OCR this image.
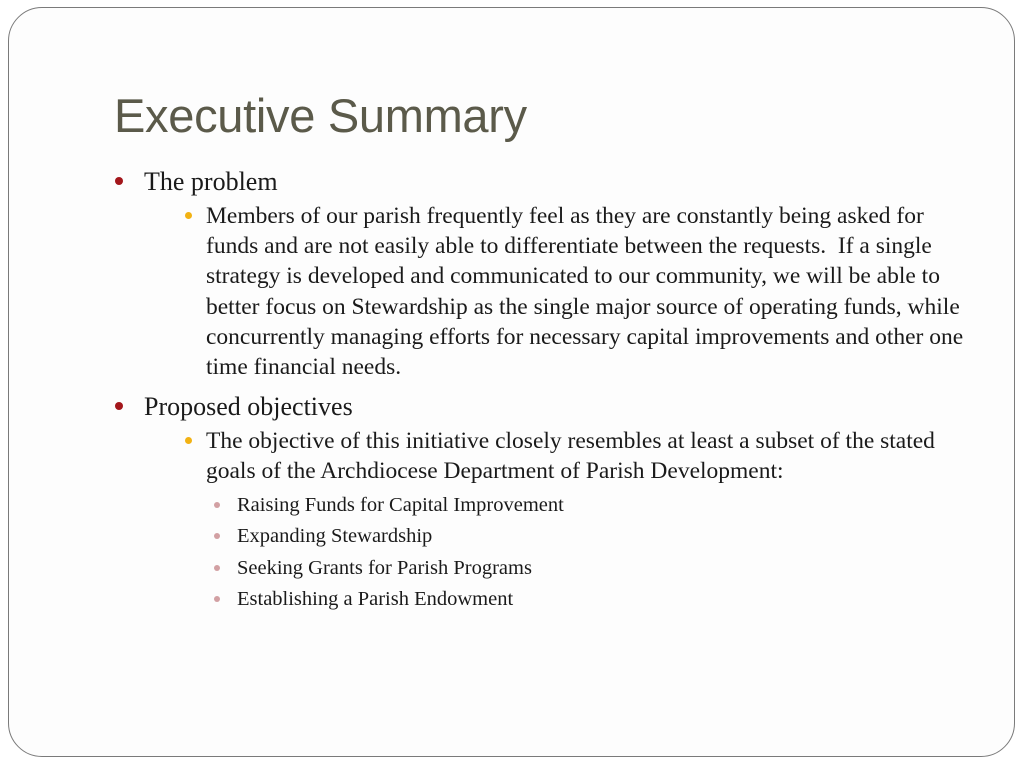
Executive Summary
The problem
Members of our parish frequently feel as they are constantly being asked for funds and are not easily able to differentiate between the requests.  If a single strategy is developed and communicated to our community, we will be able to better focus on Stewardship as the single major source of operating funds, while concurrently managing efforts for necessary capital improvements and other one time financial needs.
Proposed objectives
The objective of this initiative closely resembles at least a subset of the stated goals of the Archdiocese Department of Parish Development:
Raising Funds for Capital Improvement
Expanding Stewardship
Seeking Grants for Parish Programs
Establishing a Parish Endowment
